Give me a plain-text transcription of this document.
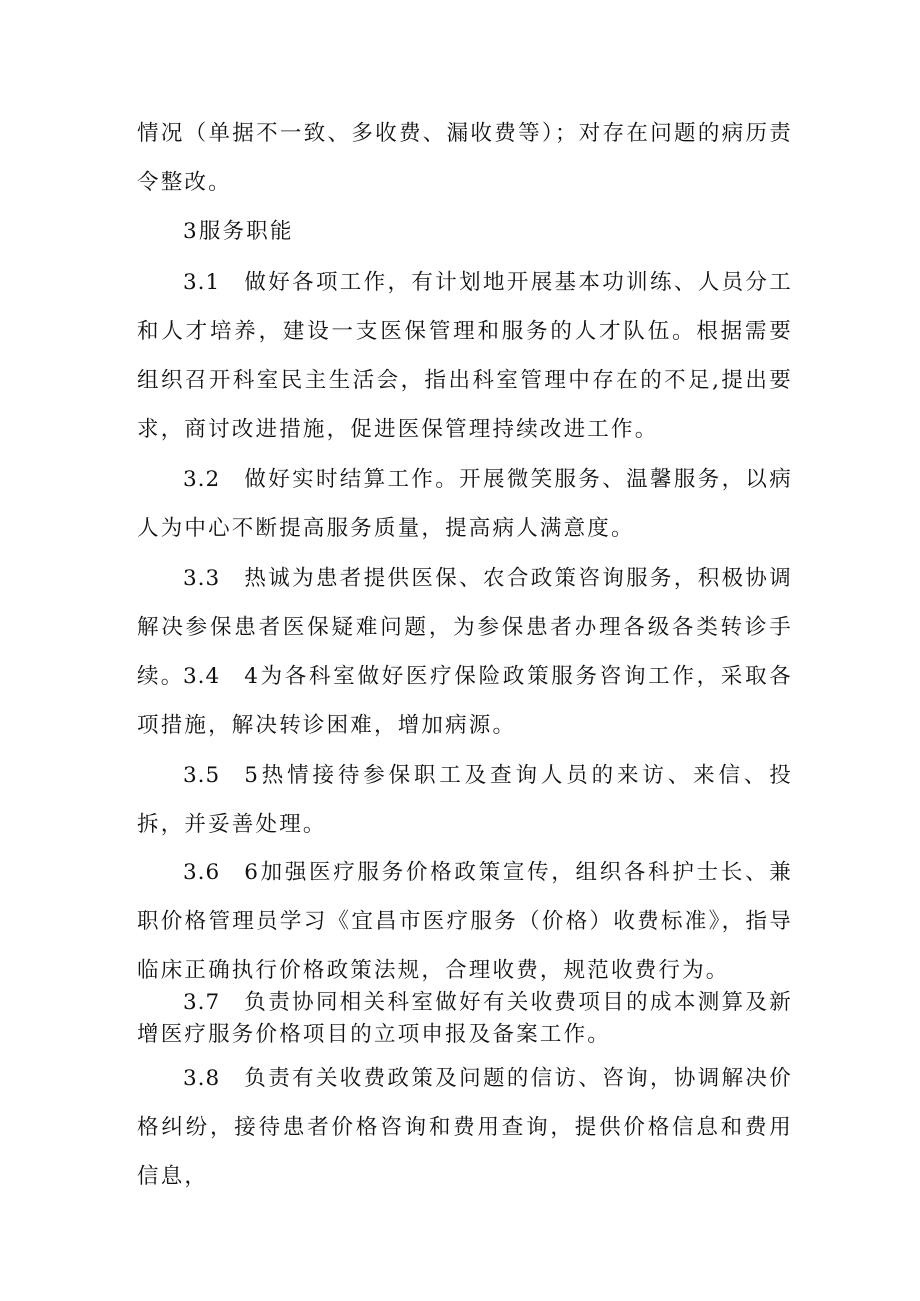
情况（单据不一致、多收费、漏收费等）；对存在问题的病历责令整改。

3服务职能

3.1 做好各项工作，有计划地开展基本功训练、人员分工和人才培养，建设一支医保管理和服务的人才队伍。根据需要组织召开科室民主生活会，指出科室管理中存在的不足,提出要求，商讨改进措施，促进医保管理持续改进工作。

3.2 做好实时结算工作。开展微笑服务、温馨服务，以病人为中心不断提高服务质量，提高病人满意度。

3.3 热诚为患者提供医保、农合政策咨询服务，积极协调解决参保患者医保疑难问题，为参保患者办理各级各类转诊手续。

3.4 4为各科室做好医疗保险政策服务咨询工作，采取各项措施，解决转诊困难，增加病源。

3.5 5热情接待参保职工及查询人员的来访、来信、投拆，并妥善处理。

3.6 6加强医疗服务价格政策宣传，组织各科护士长、兼职价格管理员学习《宜昌市医疗服务（价格）收费标准》，指导临床正确执行价格政策法规，合理收费，规范收费行为。

3.7 负责协同相关科室做好有关收费项目的成本测算及新增医疗服务价格项目的立项申报及备案工作。

3.8 负责有关收费政策及问题的信访、咨询，协调解决价格纠纷，接待患者价格咨询和费用查询，提供价格信息和费用信息，
